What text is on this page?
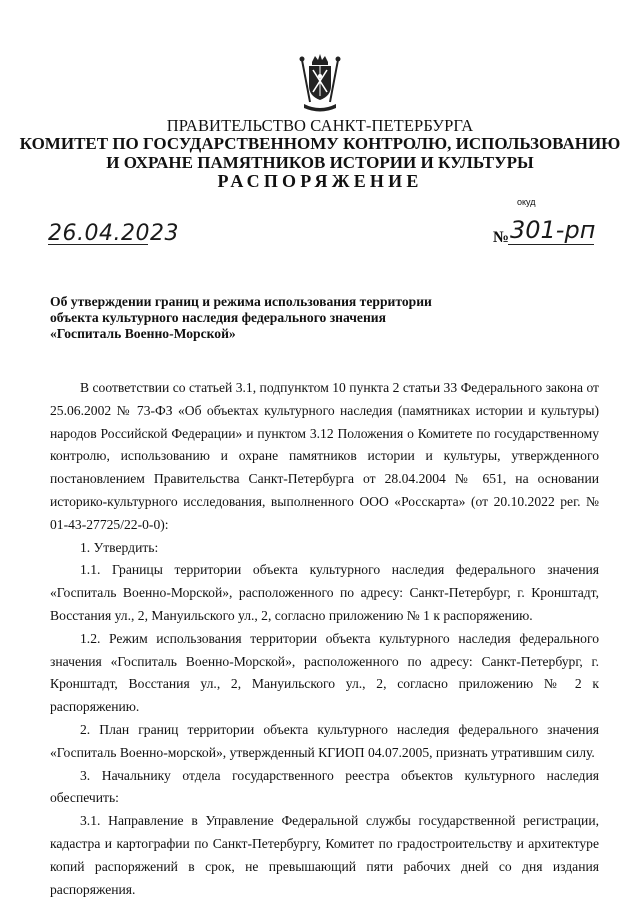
ПРАВИТЕЛЬСТВО САНКТ-ПЕТЕРБУРГА
КОМИТЕТ ПО ГОСУДАРСТВЕННОМУ КОНТРОЛЮ, ИСПОЛЬЗОВАНИЮ
И ОХРАНЕ ПАМЯТНИКОВ ИСТОРИИ И КУЛЬТУРЫ
РАСПОРЯЖЕНИЕ
окуд
26.04.2023	№ 301-рп
Об утверждении границ и режима использования территории
объекта культурного наследия федерального значения
«Госпиталь Военно-Морской»

В соответствии со статьей 3.1, подпунктом 10 пункта 2 статьи 33 Федерального закона от 25.06.2002 № 73-ФЗ «Об объектах культурного наследия (памятниках истории и культуры) народов Российской Федерации» и пунктом 3.12 Положения о Комитете по государственному контролю, использованию и охране памятников истории и культуры, утвержденного постановлением Правительства Санкт-Петербурга от 28.04.2004 № 651, на основании историко-культурного исследования, выполненного ООО «Росскарта» (от 20.10.2022 рег. № 01-43-27725/22-0-0):

1. Утвердить:

1.1. Границы территории объекта культурного наследия федерального значения «Госпиталь Военно-Морской», расположенного по адресу: Санкт-Петербург, г. Кронштадт, Восстания ул., 2, Мануильского ул., 2, согласно приложению № 1 к распоряжению.

1.2. Режим использования территории объекта культурного наследия федерального значения «Госпиталь Военно-Морской», расположенного по адресу: Санкт-Петербург, г. Кронштадт, Восстания ул., 2, Мануильского ул., 2, согласно приложению № 2 к распоряжению.

2. План границ территории объекта культурного наследия федерального значения «Госпиталь Военно-морской», утвержденный КГИОП 04.07.2005, признать утратившим силу.

3. Начальнику отдела государственного реестра объектов культурного наследия обеспечить:

3.1. Направление в Управление Федеральной службы государственной регистрации, кадастра и картографии по Санкт-Петербургу, Комитет по градостроительству и архитектуре копий распоряжений в срок, не превышающий пяти рабочих дней со дня издания распоряжения.
